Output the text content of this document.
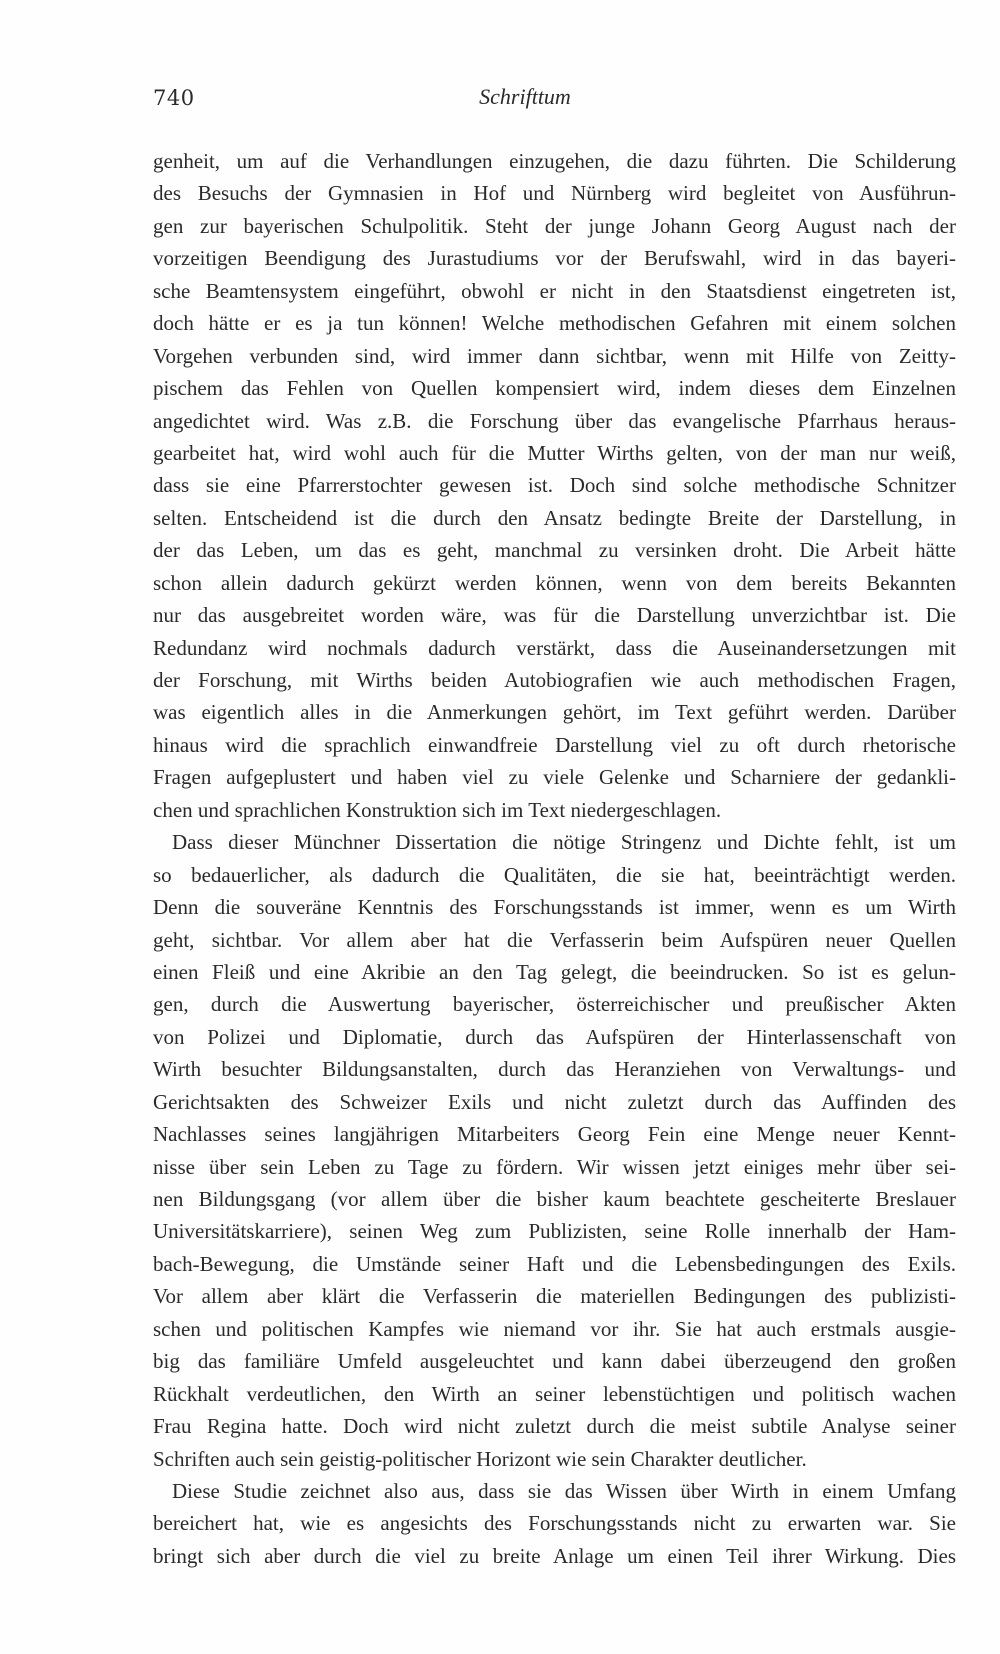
740	Schrifttum
genheit, um auf die Verhandlungen einzugehen, die dazu führten. Die Schilderung
des Besuchs der Gymnasien in Hof und Nürnberg wird begleitet von Ausführun-
gen zur bayerischen Schulpolitik. Steht der junge Johann Georg August nach der
vorzeitigen Beendigung des Jurastudiums vor der Berufswahl, wird in das bayeri-
sche Beamtensystem eingeführt, obwohl er nicht in den Staatsdienst eingetreten ist,
doch hätte er es ja tun können! Welche methodischen Gefahren mit einem solchen
Vorgehen verbunden sind, wird immer dann sichtbar, wenn mit Hilfe von Zeitty-
pischem das Fehlen von Quellen kompensiert wird, indem dieses dem Einzelnen
angedichtet wird. Was z.B. die Forschung über das evangelische Pfarrhaus heraus-
gearbeitet hat, wird wohl auch für die Mutter Wirths gelten, von der man nur weiß,
dass sie eine Pfarrerstochter gewesen ist. Doch sind solche methodische Schnitzer
selten. Entscheidend ist die durch den Ansatz bedingte Breite der Darstellung, in
der das Leben, um das es geht, manchmal zu versinken droht. Die Arbeit hätte
schon allein dadurch gekürzt werden können, wenn von dem bereits Bekannten
nur das ausgebreitet worden wäre, was für die Darstellung unverzichtbar ist. Die
Redundanz wird nochmals dadurch verstärkt, dass die Auseinandersetzungen mit
der Forschung, mit Wirths beiden Autobiografien wie auch methodischen Fragen,
was eigentlich alles in die Anmerkungen gehört, im Text geführt werden. Darüber
hinaus wird die sprachlich einwandfreie Darstellung viel zu oft durch rhetorische
Fragen aufgeplustert und haben viel zu viele Gelenke und Scharniere der gedankli-
chen und sprachlichen Konstruktion sich im Text niedergeschlagen.
Dass dieser Münchner Dissertation die nötige Stringenz und Dichte fehlt, ist um
so bedauerlicher, als dadurch die Qualitäten, die sie hat, beeinträchtigt werden.
Denn die souveräne Kenntnis des Forschungsstands ist immer, wenn es um Wirth
geht, sichtbar. Vor allem aber hat die Verfasserin beim Aufspüren neuer Quellen
einen Fleiß und eine Akribie an den Tag gelegt, die beeindrucken. So ist es gelun-
gen, durch die Auswertung bayerischer, österreichischer und preußischer Akten
von Polizei und Diplomatie, durch das Aufspüren der Hinterlassenschaft von
Wirth besuchter Bildungsanstalten, durch das Heranziehen von Verwaltungs- und
Gerichtsakten des Schweizer Exils und nicht zuletzt durch das Auffinden des
Nachlasses seines langjährigen Mitarbeiters Georg Fein eine Menge neuer Kennt-
nisse über sein Leben zu Tage zu fördern. Wir wissen jetzt einiges mehr über sei-
nen Bildungsgang (vor allem über die bisher kaum beachtete gescheiterte Breslauer
Universitätskarriere), seinen Weg zum Publizisten, seine Rolle innerhalb der Ham-
bach-Bewegung, die Umstände seiner Haft und die Lebensbedingungen des Exils.
Vor allem aber klärt die Verfasserin die materiellen Bedingungen des publizisti-
schen und politischen Kampfes wie niemand vor ihr. Sie hat auch erstmals ausgie-
big das familiäre Umfeld ausgeleuchtet und kann dabei überzeugend den großen
Rückhalt verdeutlichen, den Wirth an seiner lebenstüchtigen und politisch wachen
Frau Regina hatte. Doch wird nicht zuletzt durch die meist subtile Analyse seiner
Schriften auch sein geistig-politischer Horizont wie sein Charakter deutlicher.
Diese Studie zeichnet also aus, dass sie das Wissen über Wirth in einem Umfang
bereichert hat, wie es angesichts des Forschungsstands nicht zu erwarten war. Sie
bringt sich aber durch die viel zu breite Anlage um einen Teil ihrer Wirkung. Dies
